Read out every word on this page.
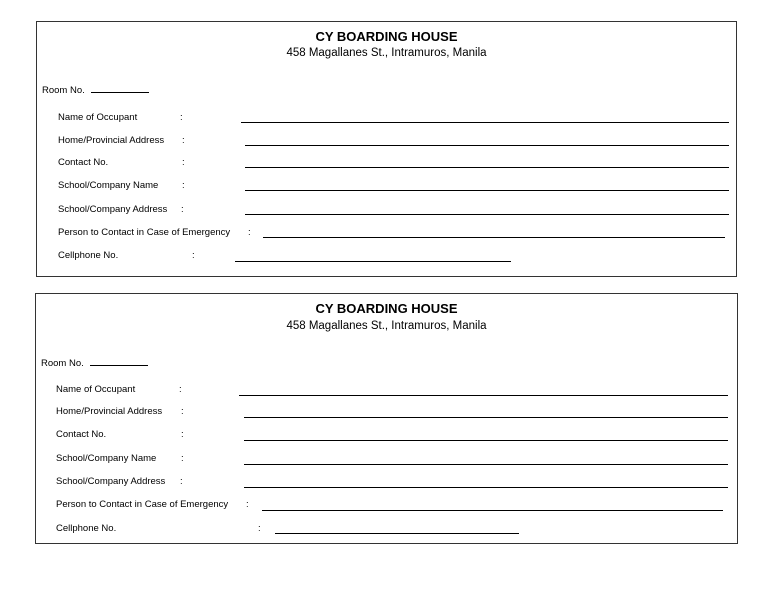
CY BOARDING HOUSE
458 Magallanes St., Intramuros, Manila
Room No.
Name of Occupant	:
Home/Provincial Address :
Contact No.	:
School/Company Name :
School/Company Address :
Person to Contact in Case of Emergency :
Cellphone No.	:
CY BOARDING HOUSE
458 Magallanes St., Intramuros, Manila
Room No.
Name of Occupant	:
Home/Provincial Address :
Contact No.	:
School/Company Name	:
School/Company Address :
Person to Contact in Case of Emergency :
Cellphone No.	:
